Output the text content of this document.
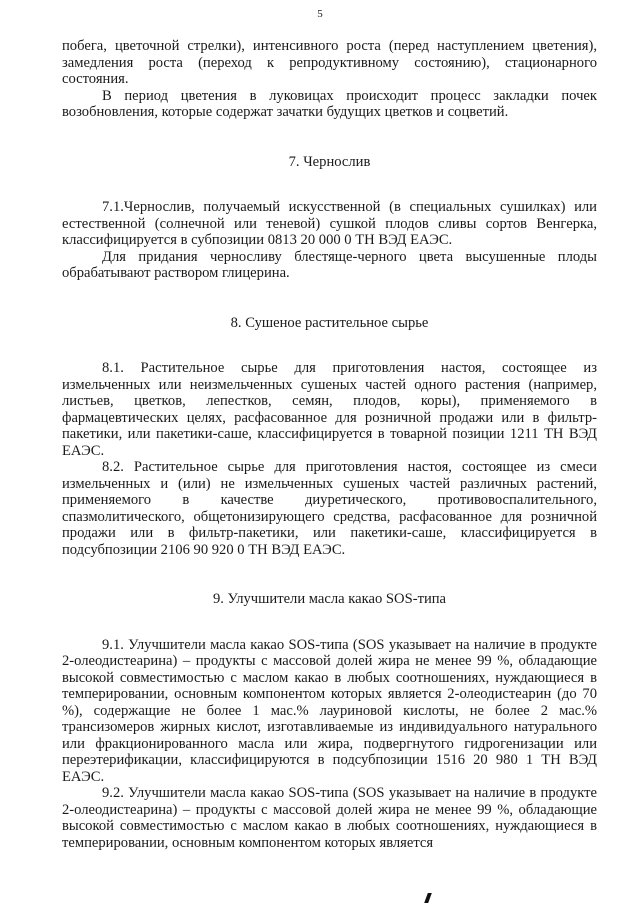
5

побега, цветочной стрелки), интенсивного роста (перед наступлением цветения), замедления роста (переход к репродуктивному состоянию), стационарного состояния.

В период цветения в луковицах происходит процесс закладки почек возобновления, которые содержат зачатки будущих цветков и соцветий.

7. Чернослив

7.1.Чернослив, получаемый искусственной (в специальных сушилках) или естественной (солнечной или теневой) сушкой плодов сливы сортов Венгерка, классифицируется в субпозиции 0813 20 000 0 ТН ВЭД ЕАЭС.

Для придания черносливу блестяще-черного цвета высушенные плоды обрабатывают раствором глицерина.

8. Сушеное растительное сырье

8.1. Растительное сырье для приготовления настоя, состоящее из измельченных или неизмельченных сушеных частей одного растения (например, листьев, цветков, лепестков, семян, плодов, коры), применяемого в фармацевтических целях, расфасованное для розничной продажи или в фильтр-пакетики, или пакетики-саше, классифицируется в товарной позиции 1211 ТН ВЭД ЕАЭС.

8.2. Растительное сырье для приготовления настоя, состоящее из смеси измельченных и (или) не измельченных сушеных частей различных растений, применяемого в качестве диуретического, противовоспалительного, спазмолитического, общетонизирующего средства, расфасованное для розничной продажи или в фильтр-пакетики, или пакетики-саше, классифицируется в подсубпозиции 2106 90 920 0 ТН ВЭД ЕАЭС.

9. Улучшители масла какао SOS-типа

9.1. Улучшители масла какао SOS-типа (SOS указывает на наличие в продукте 2-олеодистеарина) – продукты с массовой долей жира не менее 99 %, обладающие высокой совместимостью с маслом какао в любых соотношениях, нуждающиеся в темперировании, основным компонентом которых является 2-олеодистеарин (до 70 %), содержащие не более 1 мас.% лауриновой кислоты, не более 2 мас.% трансизомеров жирных кислот, изготавливаемые из индивидуального натурального или фракционированного масла или жира, подвергнутого гидрогенизации или переэтерификации, классифицируются в подсубпозиции 1516 20 980 1 ТН ВЭД ЕАЭС.

9.2. Улучшители масла какао SOS-типа (SOS указывает на наличие в продукте 2-олеодистеарина) – продукты с массовой долей жира не менее 99 %, обладающие высокой совместимостью с маслом какао в любых соотношениях, нуждающиеся в темперировании, основным компонентом которых является
